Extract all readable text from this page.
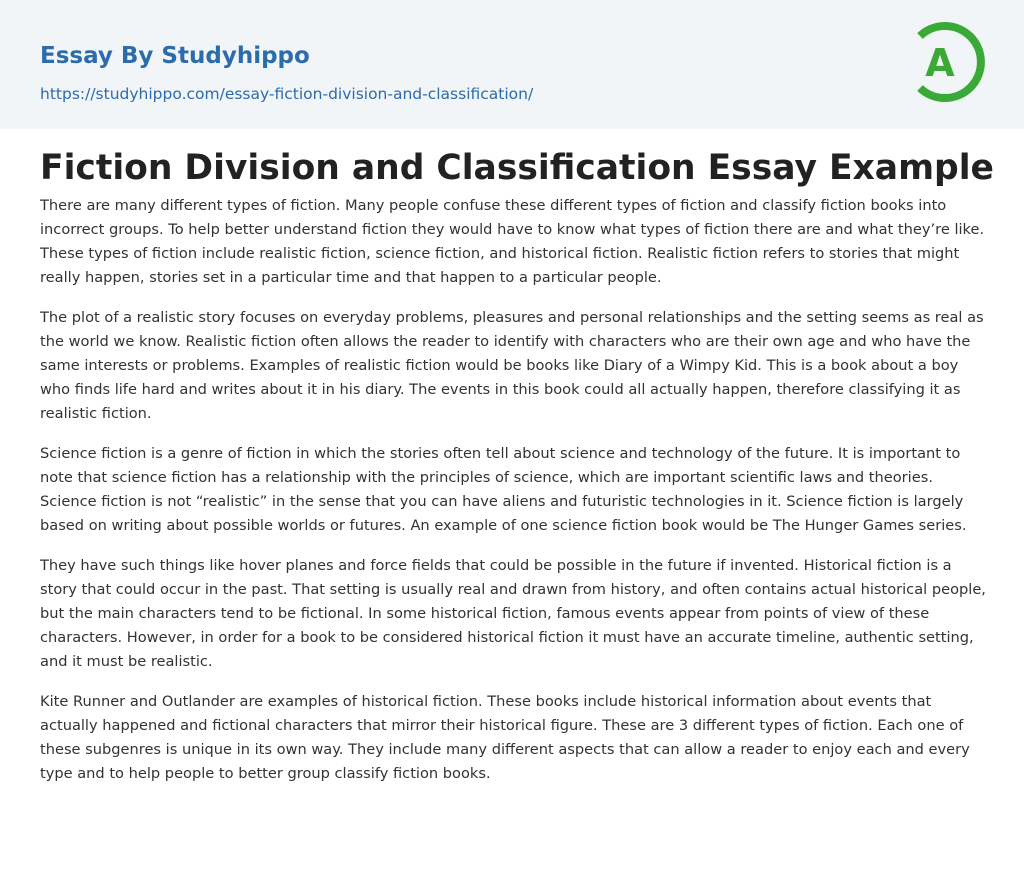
Essay By Studyhippo
https://studyhippo.com/essay-fiction-division-and-classification/
A
Fiction Division and Classification Essay Example

There are many different types of fiction. Many people confuse these different types of fiction and classify fiction books into incorrect groups. To help better understand fiction they would have to know what types of fiction there are and what they’re like. These types of fiction include realistic fiction, science fiction, and historical fiction. Realistic fiction refers to stories that might really happen, stories set in a particular time and that happen to a particular people.

The plot of a realistic story focuses on everyday problems, pleasures and personal relationships and the setting seems as real as the world we know. Realistic fiction often allows the reader to identify with characters who are their own age and who have the same interests or problems. Examples of realistic fiction would be books like Diary of a Wimpy Kid. This is a book about a boy who finds life hard and writes about it in his diary. The events in this book could all actually happen, therefore classifying it as realistic fiction.

Science fiction is a genre of fiction in which the stories often tell about science and technology of the future. It is important to note that science fiction has a relationship with the principles of science, which are important scientific laws and theories. Science fiction is not “realistic” in the sense that you can have aliens and futuristic technologies in it. Science fiction is largely based on writing about possible worlds or futures. An example of one science fiction book would be The Hunger Games series.

They have such things like hover planes and force fields that could be possible in the future if invented. Historical fiction is a story that could occur in the past. That setting is usually real and drawn from history, and often contains actual historical people, but the main characters tend to be fictional. In some historical fiction, famous events appear from points of view of these characters. However, in order for a book to be considered historical fiction it must have an accurate timeline, authentic setting, and it must be realistic.

Kite Runner and Outlander are examples of historical fiction. These books include historical information about events that actually happened and fictional characters that mirror their historical figure. These are 3 different types of fiction. Each one of these subgenres is unique in its own way. They include many different aspects that can allow a reader to enjoy each and every type and to help people to better group classify fiction books.
